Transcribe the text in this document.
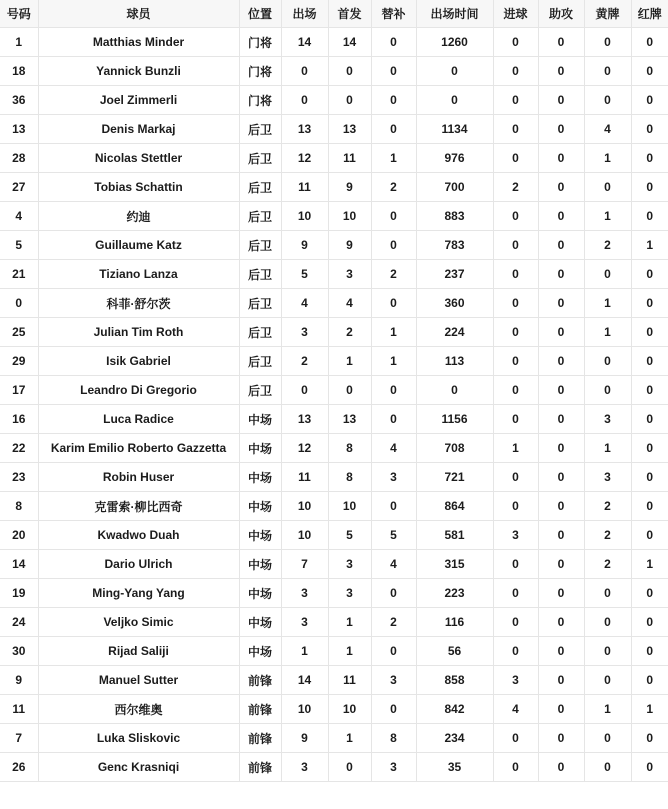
号码	球员	位置	出场	首发	替补	出场时间	进球	助攻	黄牌	红牌
1	Matthias Minder	门将	14	14	0	1260	0	0	0	0
18	Yannick Bunzli	门将	0	0	0	0	0	0	0	0
36	Joel Zimmerli	门将	0	0	0	0	0	0	0	0
13	Denis Markaj	后卫	13	13	0	1134	0	0	4	0
28	Nicolas Stettler	后卫	12	11	1	976	0	0	1	0
27	Tobias Schattin	后卫	11	9	2	700	2	0	0	0
4	约迪	后卫	10	10	0	883	0	0	1	0
5	Guillaume Katz	后卫	9	9	0	783	0	0	2	1
21	Tiziano Lanza	后卫	5	3	2	237	0	0	0	0
0	科菲·舒尔茨	后卫	4	4	0	360	0	0	1	0
25	Julian Tim Roth	后卫	3	2	1	224	0	0	1	0
29	Isik Gabriel	后卫	2	1	1	113	0	0	0	0
17	Leandro Di Gregorio	后卫	0	0	0	0	0	0	0	0
16	Luca Radice	中场	13	13	0	1156	0	0	3	0
22	Karim Emilio Roberto Gazzetta	中场	12	8	4	708	1	0	1	0
23	Robin Huser	中场	11	8	3	721	0	0	3	0
8	克雷索·柳比西奇	中场	10	10	0	864	0	0	2	0
20	Kwadwo Duah	中场	10	5	5	581	3	0	2	0
14	Dario Ulrich	中场	7	3	4	315	0	0	2	1
19	Ming-Yang Yang	中场	3	3	0	223	0	0	0	0
24	Veljko Simic	中场	3	1	2	116	0	0	0	0
30	Rijad Saliji	中场	1	1	0	56	0	0	0	0
9	Manuel Sutter	前锋	14	11	3	858	3	0	0	0
11	西尔维奥	前锋	10	10	0	842	4	0	1	1
7	Luka Sliskovic	前锋	9	1	8	234	0	0	0	0
26	Genc Krasniqi	前锋	3	0	3	35	0	0	0	0
